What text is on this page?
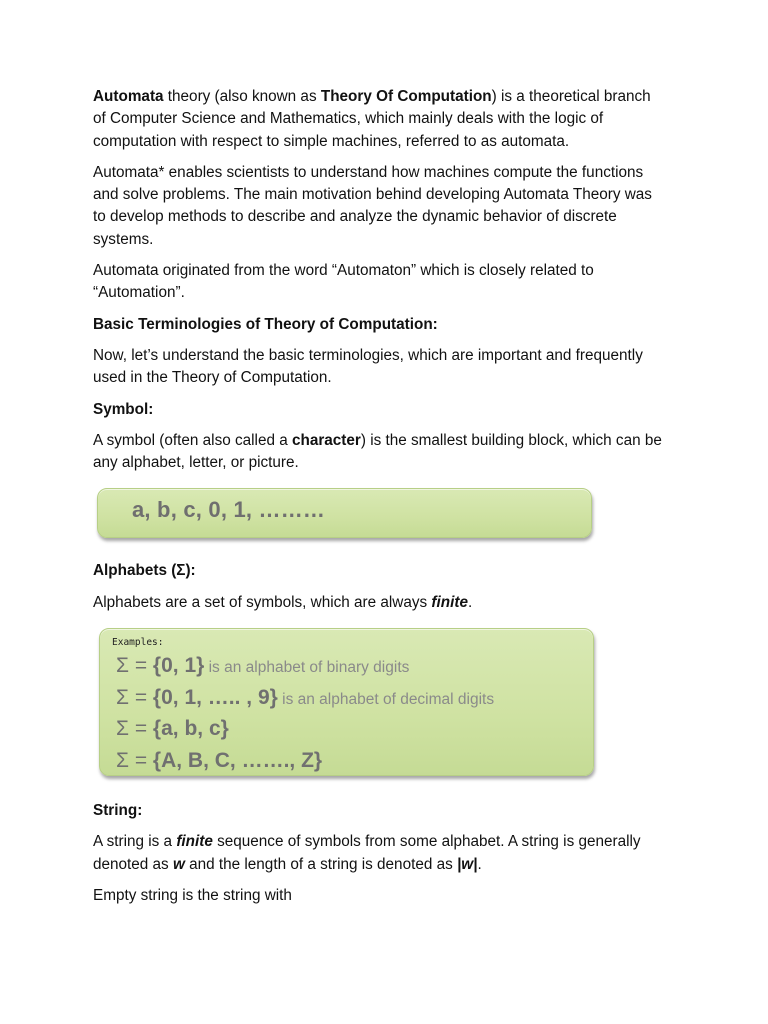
Automata theory (also known as Theory Of Computation) is a theoretical branch of Computer Science and Mathematics, which mainly deals with the logic of computation with respect to simple machines, referred to as automata.

Automata* enables scientists to understand how machines compute the functions and solve problems. The main motivation behind developing Automata Theory was to develop methods to describe and analyze the dynamic behavior of discrete systems.

Automata originated from the word “Automaton” which is closely related to “Automation”.

Basic Terminologies of Theory of Computation:

Now, let’s understand the basic terminologies, which are important and frequently used in the Theory of Computation.

Symbol:

A symbol (often also called a character) is the smallest building block, which can be any alphabet, letter, or picture.

a, b, c, 0, 1, ………

Alphabets (Σ):

Alphabets are a set of symbols, which are always finite.

Examples:
Σ = {0, 1} is an alphabet of binary digits
Σ = {0, 1, ….. , 9} is an alphabet of decimal digits
Σ = {a, b, c}
Σ = {A, B, C, ……., Z}

String:

A string is a finite sequence of symbols from some alphabet. A string is generally denoted as w and the length of a string is denoted as |w|.

Empty string is the string with
